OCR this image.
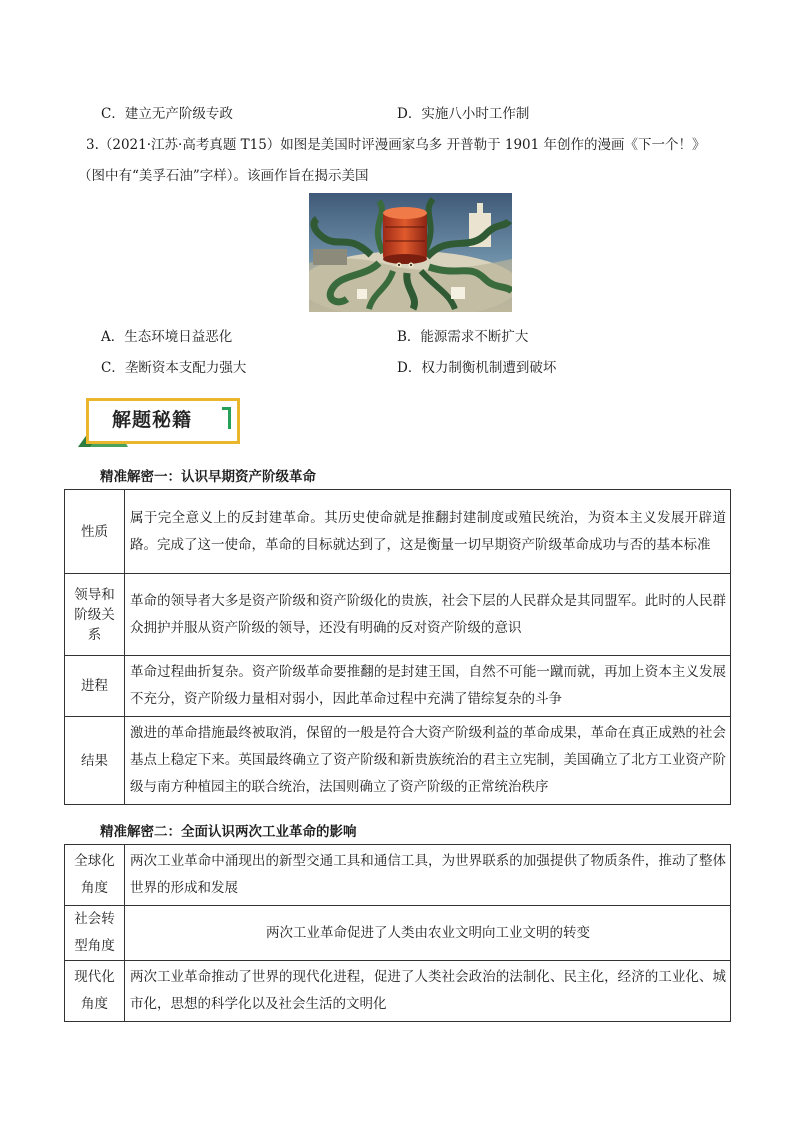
C．建立无产阶级专政	D．实施八小时工作制
3.（2021·江苏·高考真题 T15）如图是美国时评漫画家乌多 开普勒于 1901 年创作的漫画《下一个！》
（图中有“美孚石油”字样）。该画作旨在揭示美国
A．生态环境日益恶化	B．能源需求不断扩大
C．垄断资本支配力强大	D．权力制衡机制遭到破坏
解题秘籍
精准解密一：认识早期资产阶级革命
性质	属于完全意义上的反封建革命。其历史使命就是推翻封建制度或殖民统治，为资本主义发展开辟道路。完成了这一使命，革命的目标就达到了，这是衡量一切早期资产阶级革命成功与否的基本标准
领导和阶级关系	革命的领导者大多是资产阶级和资产阶级化的贵族，社会下层的人民群众是其同盟军。此时的人民群众拥护并服从资产阶级的领导，还没有明确的反对资产阶级的意识
进程	革命过程曲折复杂。资产阶级革命要推翻的是封建王国，自然不可能一蹴而就，再加上资本主义发展不充分，资产阶级力量相对弱小，因此革命过程中充满了错综复杂的斗争
结果	激进的革命措施最终被取消，保留的一般是符合大资产阶级利益的革命成果，革命在真正成熟的社会基点上稳定下来。英国最终确立了资产阶级和新贵族统治的君主立宪制，美国确立了北方工业资产阶级与南方种植园主的联合统治，法国则确立了资产阶级的正常统治秩序
精准解密二：全面认识两次工业革命的影响
全球化角度	两次工业革命中涌现出的新型交通工具和通信工具，为世界联系的加强提供了物质条件，推动了整体世界的形成和发展
社会转型角度	两次工业革命促进了人类由农业文明向工业文明的转变
现代化角度	两次工业革命推动了世界的现代化进程，促进了人类社会政治的法制化、民主化，经济的工业化、城市化，思想的科学化以及社会生活的文明化
